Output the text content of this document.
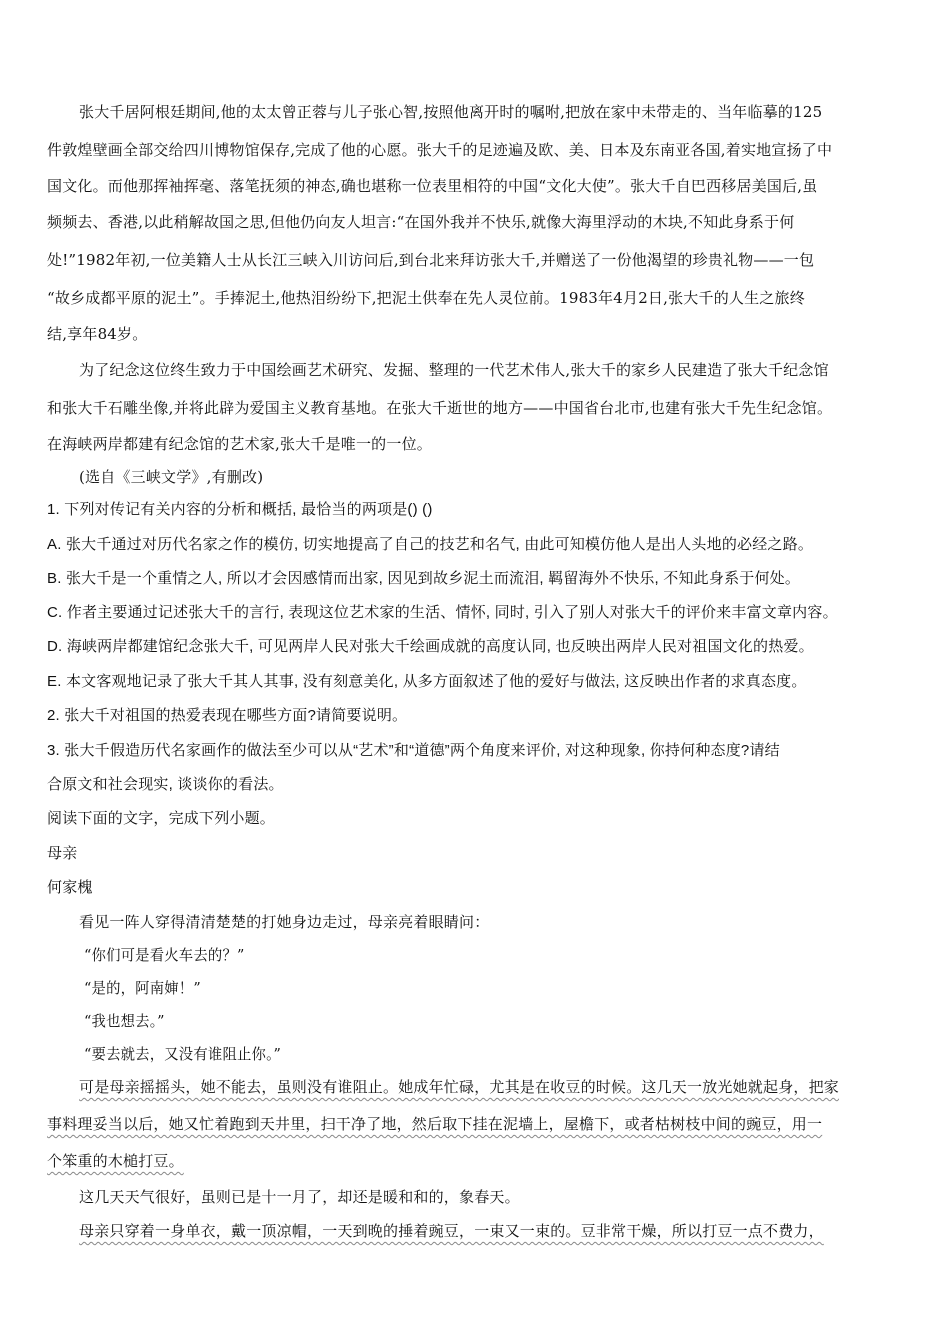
张大千居阿根廷期间,他的太太曾正蓉与儿子张心智,按照他离开时的嘱咐,把放在家中未带走的、当年临摹的125
件敦煌壁画全部交给四川博物馆保存,完成了他的心愿。张大千的足迹遍及欧、美、日本及东南亚各国,着实地宣扬了中
国文化。而他那挥袖挥毫、落笔抚须的神态,确也堪称一位表里相符的中国“文化大使”。张大千自巴西移居美国后,虽
频频去、香港,以此稍解故国之思,但他仍向友人坦言:“在国外我并不快乐,就像大海里浮动的木块,不知此身系于何
处!”1982年初,一位美籍人士从长江三峡入川访问后,到台北来拜访张大千,并赠送了一份他渴望的珍贵礼物——一包
“故乡成都平原的泥土”。手捧泥土,他热泪纷纷下,把泥土供奉在先人灵位前。1983年4月2日,张大千的人生之旅终
结,享年84岁。
为了纪念这位终生致力于中国绘画艺术研究、发掘、整理的一代艺术伟人,张大千的家乡人民建造了张大千纪念馆
和张大千石雕坐像,并将此辟为爱国主义教育基地。在张大千逝世的地方——中国省台北市,也建有张大千先生纪念馆。
在海峡两岸都建有纪念馆的艺术家,张大千是唯一的一位。
(选自《三峡文学》,有删改)
1. 下列对传记有关内容的分析和概括, 最恰当的两项是() ()
A. 张大千通过对历代名家之作的模仿, 切实地提高了自己的技艺和名气, 由此可知模仿他人是出人头地的必经之路。
B. 张大千是一个重情之人, 所以才会因感情而出家, 因见到故乡泥土而流泪, 羁留海外不快乐, 不知此身系于何处。
C. 作者主要通过记述张大千的言行, 表现这位艺术家的生活、情怀, 同时, 引入了别人对张大千的评价来丰富文章内容。
D. 海峡两岸都建馆纪念张大千, 可见两岸人民对张大千绘画成就的高度认同, 也反映出两岸人民对祖国文化的热爱。
E. 本文客观地记录了张大千其人其事, 没有刻意美化, 从多方面叙述了他的爱好与做法, 这反映出作者的求真态度。
2. 张大千对祖国的热爱表现在哪些方面?请简要说明。
3. 张大千假造历代名家画作的做法至少可以从“艺术”和“道德”两个角度来评价, 对这种现象, 你持何种态度?请结
合原文和社会现实, 谈谈你的看法。
阅读下面的文字，完成下列小题。
母亲
何家槐
看见一阵人穿得清清楚楚的打她身边走过，母亲亮着眼睛问：
“你们可是看火车去的？”
“是的，阿南婶！”
“我也想去。”
“要去就去，又没有谁阻止你。”
可是母亲摇摇头，她不能去，虽则没有谁阻止。她成年忙碌，尤其是在收豆的时候。这几天一放光她就起身，把家
事料理妥当以后，她又忙着跑到天井里，扫干净了地，然后取下挂在泥墙上，屋檐下，或者枯树枝中间的豌豆，用一
个笨重的木槌打豆。
这几天天气很好，虽则已是十一月了，却还是暖和和的，象春天。
母亲只穿着一身单衣，戴一顶凉帽，一天到晚的捶着豌豆，一束又一束的。豆非常干燥，所以打豆一点不费力，
